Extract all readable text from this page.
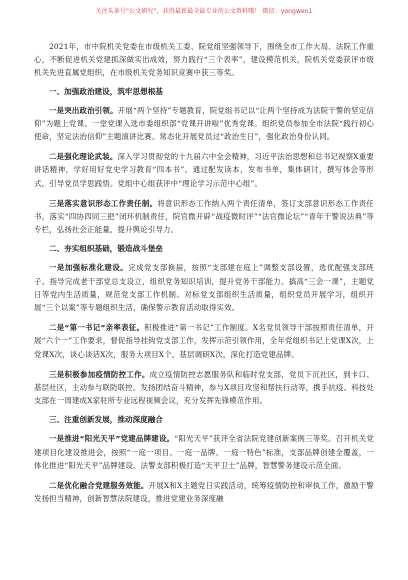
关注头条号“公文研究”，获得最新最全最专业的公文资料哦！ 微信：yongwen1

2021年，市中院机关党委在市级机关工委、院党组坚强领导下，围绕全市工作大局、法院工作重心，不断促进机关党建抓深做实出成效，努力践行“三个表率”，建设模范机关，院机关党委获评市级机关先进直属党组织，在市级机关党务知识竞赛中获三等奖。

一、加强政治建设，筑牢思想根基

一是突出政治引领。开展“两个坚持”专题教育，院党组书记以“让两个坚持成为法院干警的坚定信仰”为题上党课。一堂党课入选市委组织部“党课开讲啦”优秀党课。组织党员参加全市法院“践行初心使命，坚定法治信仰”主题演讲比赛。常态化开展党员过“政治生日”，强化政治身份认同。

二是强化理论武装。深入学习贯彻党的十九届六中全会精神，习近平法治思想和总书记视察X重要讲话精神，学好用好党史学习教育“四本书”。通过配发读本，发布书单，集体研讨，撰写体会等形式，引导党员学思践悟。党组中心组获评中“理论学习示范中心组”。

三是落实意识形态工作责任制。将意识形态工作纳入两个责任清单，签订支部意识形态工作责任书，落实“四协四同三把”闭环机制责任，院官微开辟“战疫微时评”“法官微论坛”“青年干警说法典”等专栏，弘扬社会正能量，提升舆论引导力。

二、夯实组织基础，锻造战斗堡垒

一是加强标准化建设。完成党支部换届，按照“支部建在庭上”调整支部设置，选优配强支部班子。指导完成老干部党总支设立，组织党务知识培训，提升党务干部能力。搞高“三会一课”，主题党日等党内生活质量，规范党支部工作机制。对标党支部组织生活质量，组织党员开展学习，组织开展“三个以案”等专题组织生活，确保警示教育活动取得实效。

二是“第一书记”亲率表征。积极推进“第一书记”工作制度。X名党员领导干部按照责任清单，开展“六个一”工作要求，督促指导挂钩党支部工作，发挥示范引领作用，全年党组织书记上党课X次，上党课X次，谈心谈话X次，服务大项目X个，基层调研X次，深化打造党建品牌。

三是积极参加疫情防控工作。成立疫情防控志愿服务队和临时党支部，党员下沉社区，到卡口、基层社区，主动参与联防联控。发扬团结奋斗精神，参与X项目攻坚和帮扶行动等，携手抗疫。科技处支部在一周建成X家驻所专业远程视频会议，充分发挥先锋模范作用。

三、注重创新发展，推动深度融合

一是推进“阳光天平”党建品牌建设。“阳光天平”获评全省法院党建创新案例三等奖。召开机关党建项目化建设推进会，按照“一庭一项目、一庭一品牌、一庭一特色”标准，支部品牌创建全覆盖，一体化推进“阳光天平”品牌建设。法警支部积极打造“天平卫士”品牌，智慧警务建设示范全面。

二是优化融合党建服务效能。开展X和X主题党日实践活动，统筹疫情防控和审执工作，激励干警发扬担当精神，创新智慧法院建设，推进党建业务深度融
